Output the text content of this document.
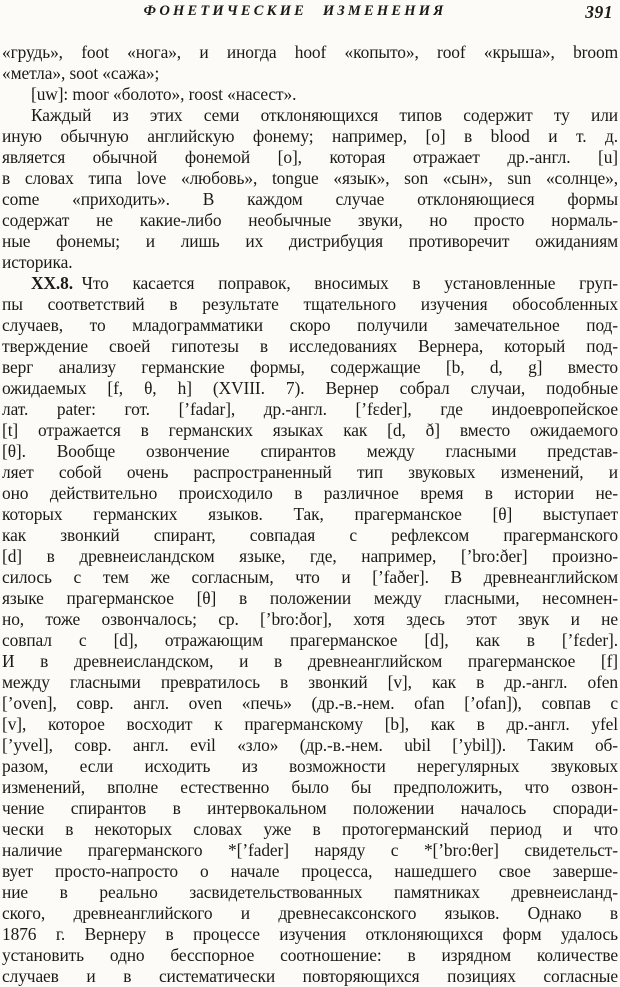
ФОНЕТИЧЕСКИЕ ИЗМЕНЕНИЯ	391
«грудь», foot «нога», и иногда hoof «копыто», roof «крыша», broom
«метла», soot «сажа»;
[uw]: moor «болото», roost «насест».
Каждый из этих семи отклоняющихся типов содержит ту или
иную обычную английскую фонему; например, [o] в blood и т. д.
является обычной фонемой [o], которая отражает др.-англ. [u]
в словах типа love «любовь», tongue «язык», son «сын», sun «солнце»,
come «приходить». В каждом случае отклоняющиеся формы
содержат не какие-либо необычные звуки, но просто нормаль-
ные фонемы; и лишь их дистрибуция противоречит ожиданиям
историка.
XX.8. Что касается поправок, вносимых в установленные груп-
пы соответствий в результате тщательного изучения обособленных
случаев, то младограмматики скоро получили замечательное под-
тверждение своей гипотезы в исследованиях Вернера, который под-
верг анализу германские формы, содержащие [b, d, g] вместо
ожидаемых [f, θ, h] (XVIII. 7). Вернер собрал случаи, подобные
лат. pater: гот. [’fadar], др.-англ. [’fɛder], где индоевропейское
[t] отражается в германских языках как [d, ð] вместо ожидаемого
[θ]. Вообще озвончение спирантов между гласными представ-
ляет собой очень распространенный тип звуковых изменений, и
оно действительно происходило в различное время в истории не-
которых германских языков. Так, прагерманское [θ] выступает
как звонкий спирант, совпадая с рефлексом прагерманского
[d] в древнеисландском языке, где, например, [’bro:ðer] произно-
силось с тем же согласным, что и [’faðer]. В древнеанглийском
языке прагерманское [θ] в положении между гласными, несомнен-
но, тоже озвончалось; ср. [’bro:ðor], хотя здесь этот звук и не
совпал с [d], отражающим прагерманское [d], как в [’fɛder].
И в древнеисландском, и в древнеанглийском прагерманское [f]
между гласными превратилось в звонкий [v], как в др.-англ. ofen
[’oven], совр. англ. oven «печь» (др.-в.-нем. ofan [’ofan]), совпав с
[v], которое восходит к прагерманскому [b], как в др.-англ. yfel
[’yvel], совр. англ. evil «зло» (др.-в.-нем. ubil [’ybil]). Таким об-
разом, если исходить из возможности нерегулярных звуковых
изменений, вполне естественно было бы предположить, что озвон-
чение спирантов в интервокальном положении началось споради-
чески в некоторых словах уже в протогерманский период и что
наличие прагерманского *[’fader] наряду с *[’bro:θer] свидетельст-
вует просто-напросто о начале процесса, нашедшего свое заверше-
ние в реально засвидетельствованных памятниках древнеисланд-
ского, древнеанглийского и древнесаксонского языков. Однако в
1876 г. Вернеру в процессе изучения отклоняющихся форм удалось
установить одно бесспорное соотношение: в изрядном количестве
случаев и в систематически повторяющихся позициях согласные
